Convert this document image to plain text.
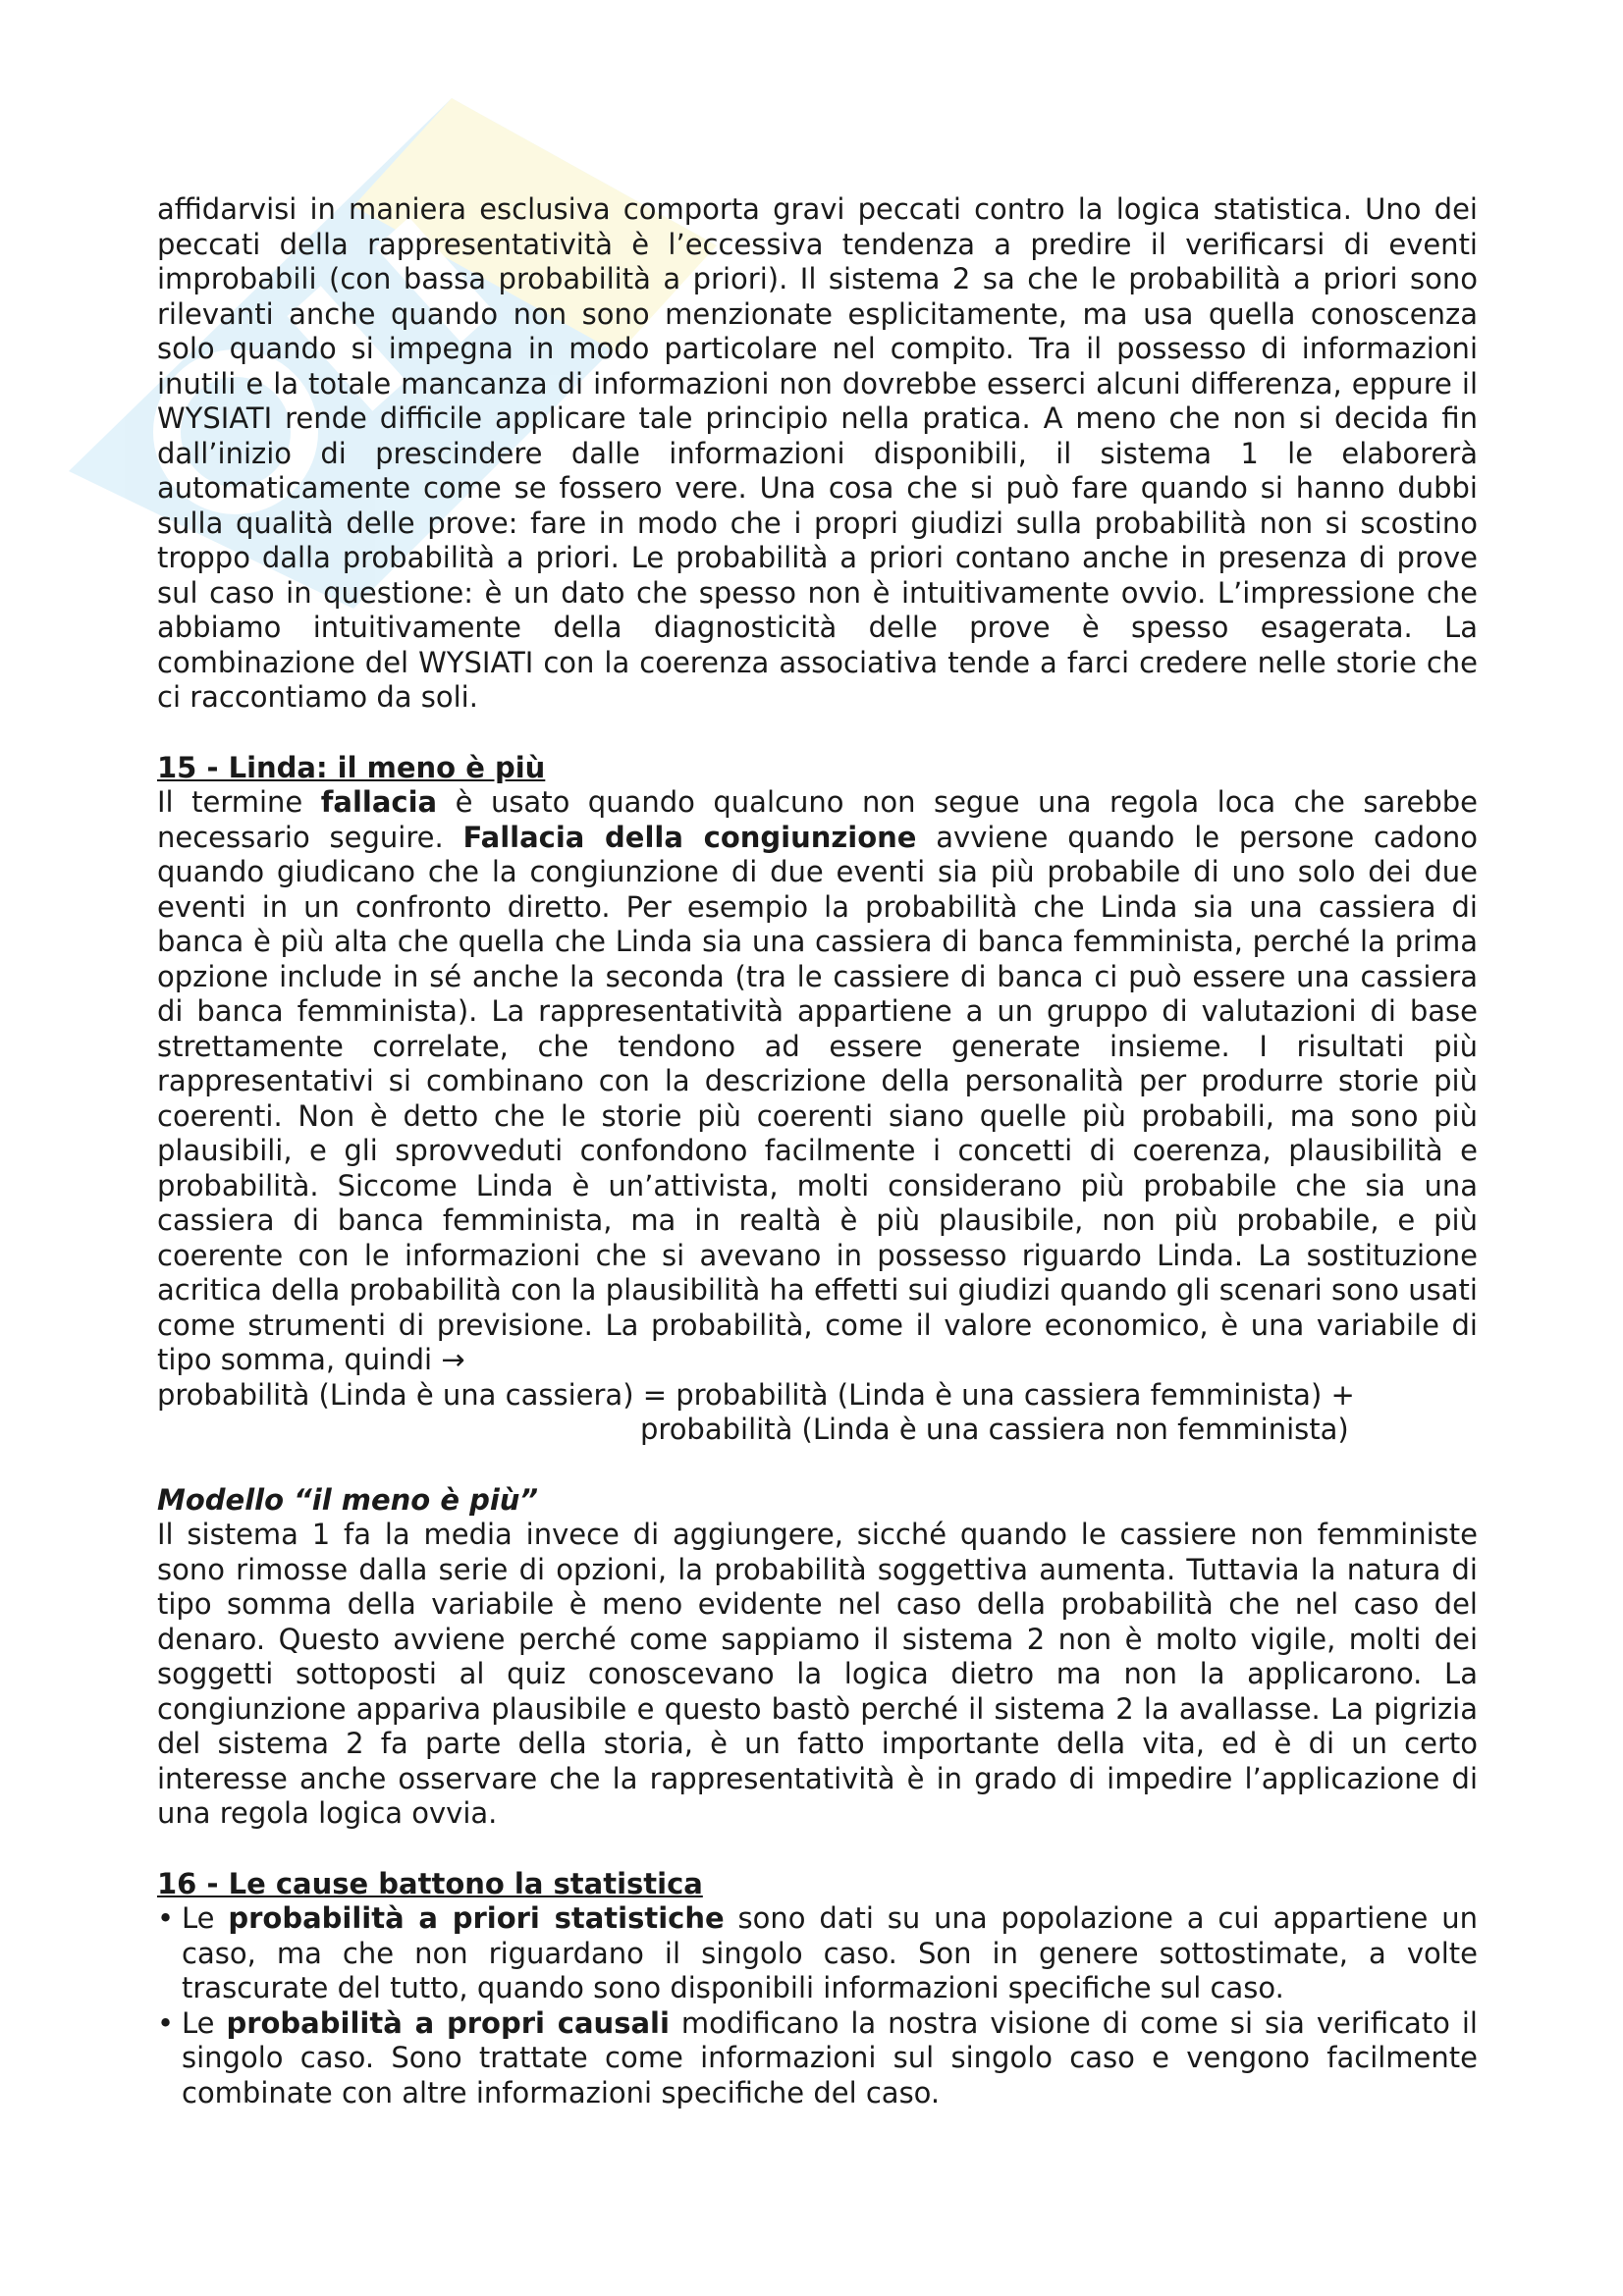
affidarvisi in maniera esclusiva comporta gravi peccati contro la logica statistica. Uno dei peccati della rappresentatività è l’eccessiva tendenza a predire il verificarsi di eventi improbabili (con bassa probabilità a priori). Il sistema 2 sa che le probabilità a priori sono rilevanti anche quando non sono menzionate esplicitamente, ma usa quella conoscenza solo quando si impegna in modo particolare nel compito. Tra il possesso di informazioni inutili e la totale mancanza di informazioni non dovrebbe esserci alcuni differenza, eppure il WYSIATI rende difficile applicare tale principio nella pratica. A meno che non si decida fin dall’inizio di prescindere dalle informazioni disponibili, il sistema 1 le elaborerà automaticamente come se fossero vere. Una cosa che si può fare quando si hanno dubbi sulla qualità delle prove: fare in modo che i propri giudizi sulla probabilità non si scostino troppo dalla probabilità a priori. Le probabilità a priori contano anche in presenza di prove sul caso in questione: è un dato che spesso non è intuitivamente ovvio. L’impressione che abbiamo intuitivamente della diagnosticità delle prove è spesso esagerata. La combinazione del WYSIATI con la coerenza associativa tende a farci credere nelle storie che ci raccontiamo da soli.

15 - Linda: il meno è più

Il termine fallacia è usato quando qualcuno non segue una regola loca che sarebbe necessario seguire. Fallacia della congiunzione avviene quando le persone cadono quando giudicano che la congiunzione di due eventi sia più probabile di uno solo dei due eventi in un confronto diretto. Per esempio la probabilità che Linda sia una cassiera di banca è più alta che quella che Linda sia una cassiera di banca femminista, perché la prima opzione include in sé anche la seconda (tra le cassiere di banca ci può essere una cassiera di banca femminista). La rappresentatività appartiene a un gruppo di valutazioni di base strettamente correlate, che tendono ad essere generate insieme. I risultati più rappresentativi si combinano con la descrizione della personalità per produrre storie più coerenti. Non è detto che le storie più coerenti siano quelle più probabili, ma sono più plausibili, e gli sprovveduti confondono facilmente i concetti di coerenza, plausibilità e probabilità. Siccome Linda è un’attivista, molti considerano più probabile che sia una cassiera di banca femminista, ma in realtà è più plausibile, non più probabile, e più coerente con le informazioni che si avevano in possesso riguardo Linda. La sostituzione acritica della probabilità con la plausibilità ha effetti sui giudizi quando gli scenari sono usati come strumenti di previsione. La probabilità, come il valore economico, è una variabile di tipo somma, quindi →

probabilità (Linda è una cassiera) = probabilità (Linda è una cassiera femminista) +

probabilità (Linda è una cassiera non femminista)

Modello “il meno è più”

Il sistema 1 fa la media invece di aggiungere, sicché quando le cassiere non femministe sono rimosse dalla serie di opzioni, la probabilità soggettiva aumenta. Tuttavia la natura di tipo somma della variabile è meno evidente nel caso della probabilità che nel caso del denaro. Questo avviene perché come sappiamo il sistema 2 non è molto vigile, molti dei soggetti sottoposti al quiz conoscevano la logica dietro ma non la applicarono. La congiunzione appariva plausibile e questo bastò perché il sistema 2 la avallasse. La pigrizia del sistema 2 fa parte della storia, è un fatto importante della vita, ed è di un certo interesse anche osservare che la rappresentatività è in grado di impedire l’applicazione di una regola logica ovvia.

16 - Le cause battono la statistica

• Le probabilità a priori statistiche sono dati su una popolazione a cui appartiene un caso, ma che non riguardano il singolo caso. Son in genere sottostimate, a volte trascurate del tutto, quando sono disponibili informazioni specifiche sul caso.
• Le probabilità a propri causali modificano la nostra visione di come si sia verificato il singolo caso. Sono trattate come informazioni sul singolo caso e vengono facilmente combinate con altre informazioni specifiche del caso.
